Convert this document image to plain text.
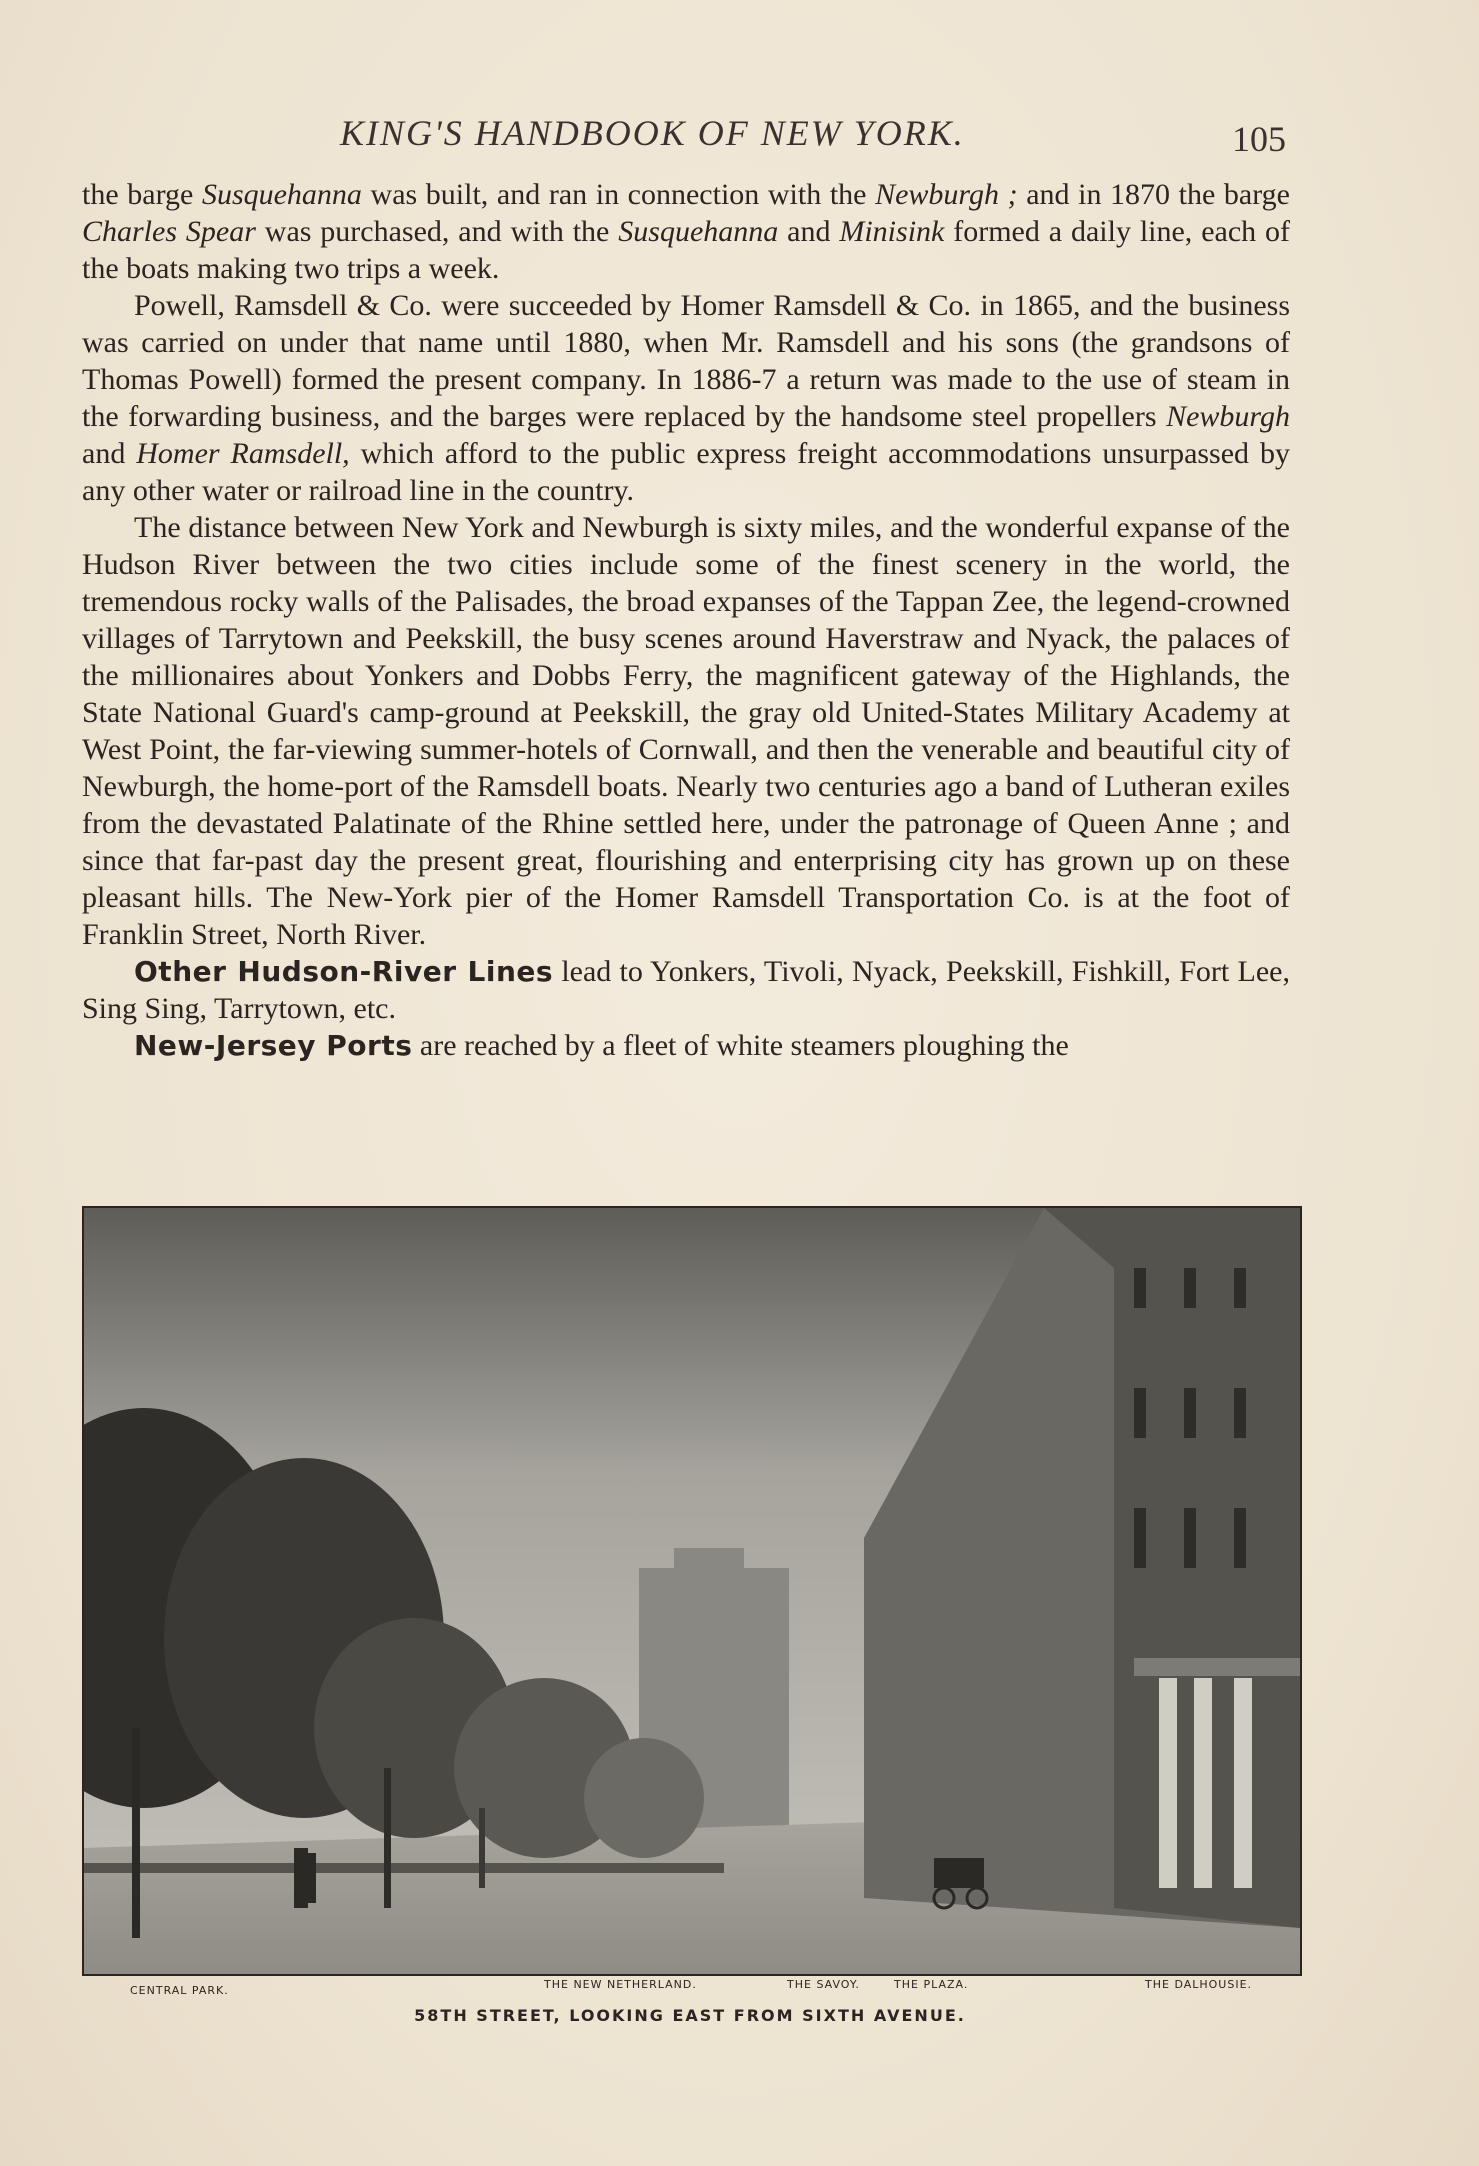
KING'S HANDBOOK OF NEW YORK.	105

the barge Susquehanna was built, and ran in connection with the Newburgh ; and in 1870 the barge Charles Spear was purchased, and with the Susquehanna and Minisink formed a daily line, each of the boats making two trips a week.

Powell, Ramsdell & Co. were succeeded by Homer Ramsdell & Co. in 1865, and the business was carried on under that name until 1880, when Mr. Ramsdell and his sons (the grandsons of Thomas Powell) formed the present company. In 1886-7 a return was made to the use of steam in the forwarding business, and the barges were replaced by the handsome steel propellers Newburgh and Homer Ramsdell, which afford to the public express freight accommodations unsurpassed by any other water or railroad line in the country.

The distance between New York and Newburgh is sixty miles, and the wonderful expanse of the Hudson River between the two cities include some of the finest scenery in the world, the tremendous rocky walls of the Palisades, the broad expanses of the Tappan Zee, the legend-crowned villages of Tarrytown and Peekskill, the busy scenes around Haverstraw and Nyack, the palaces of the millionaires about Yonkers and Dobbs Ferry, the magnificent gateway of the Highlands, the State National Guard's camp-ground at Peekskill, the gray old United-States Military Academy at West Point, the far-viewing summer-hotels of Cornwall, and then the venerable and beautiful city of Newburgh, the home-port of the Ramsdell boats. Nearly two centuries ago a band of Lutheran exiles from the devastated Palatinate of the Rhine settled here, under the patronage of Queen Anne ; and since that far-past day the present great, flourishing and enterprising city has grown up on these pleasant hills. The New-York pier of the Homer Ramsdell Transportation Co. is at the foot of Franklin Street, North River.

Other Hudson-River Lines lead to Yonkers, Tivoli, Nyack, Peekskill, Fishkill, Fort Lee, Sing Sing, Tarrytown, etc.

New-Jersey Ports are reached by a fleet of white steamers ploughing the

CENTRAL PARK.	THE NEW NETHERLAND.	THE SAVOY.	THE PLAZA.	THE DALHOUSIE.
58TH STREET, LOOKING EAST FROM SIXTH AVENUE.
